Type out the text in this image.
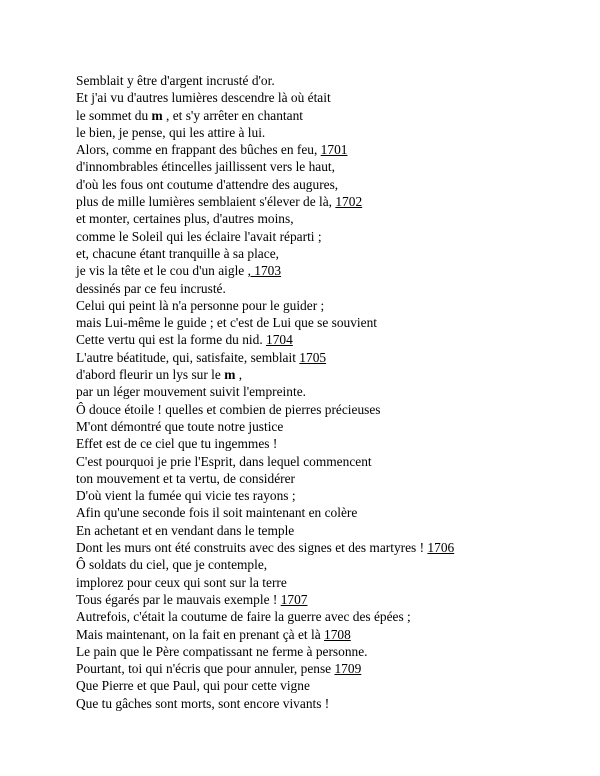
Semblait y être d'argent incrusté d'or.
Et j'ai vu d'autres lumières descendre là où était
le sommet du m , et s'y arrêter en chantant
le bien, je pense, qui les attire à lui.
Alors, comme en frappant des bûches en feu, 1701
d'innombrables étincelles jaillissent vers le haut,
d'où les fous ont coutume d'attendre des augures,
plus de mille lumières semblaient s'élever de là, 1702
et monter, certaines plus, d'autres moins,
comme le Soleil qui les éclaire l'avait réparti ;
et, chacune étant tranquille à sa place,
je vis la tête et le cou d'un aigle , 1703
dessinés par ce feu incrusté.
Celui qui peint là n'a personne pour le guider ;
mais Lui-même le guide ; et c'est de Lui que se souvient
Cette vertu qui est la forme du nid. 1704
L'autre béatitude, qui, satisfaite, semblait 1705
d'abord fleurir un lys sur le m ,
par un léger mouvement suivit l'empreinte.
Ô douce étoile ! quelles et combien de pierres précieuses
M'ont démontré que toute notre justice
Effet est de ce ciel que tu ingemmes !
C'est pourquoi je prie l'Esprit, dans lequel commencent
ton mouvement et ta vertu, de considérer
D'où vient la fumée qui vicie tes rayons ;
Afin qu'une seconde fois il soit maintenant en colère
En achetant et en vendant dans le temple
Dont les murs ont été construits avec des signes et des martyres ! 1706
Ô soldats du ciel, que je contemple,
implorez pour ceux qui sont sur la terre
Tous égarés par le mauvais exemple ! 1707
Autrefois, c'était la coutume de faire la guerre avec des épées ;
Mais maintenant, on la fait en prenant çà et là 1708
Le pain que le Père compatissant ne ferme à personne.
Pourtant, toi qui n'écris que pour annuler, pense 1709
Que Pierre et que Paul, qui pour cette vigne
Que tu gâches sont morts, sont encore vivants !
